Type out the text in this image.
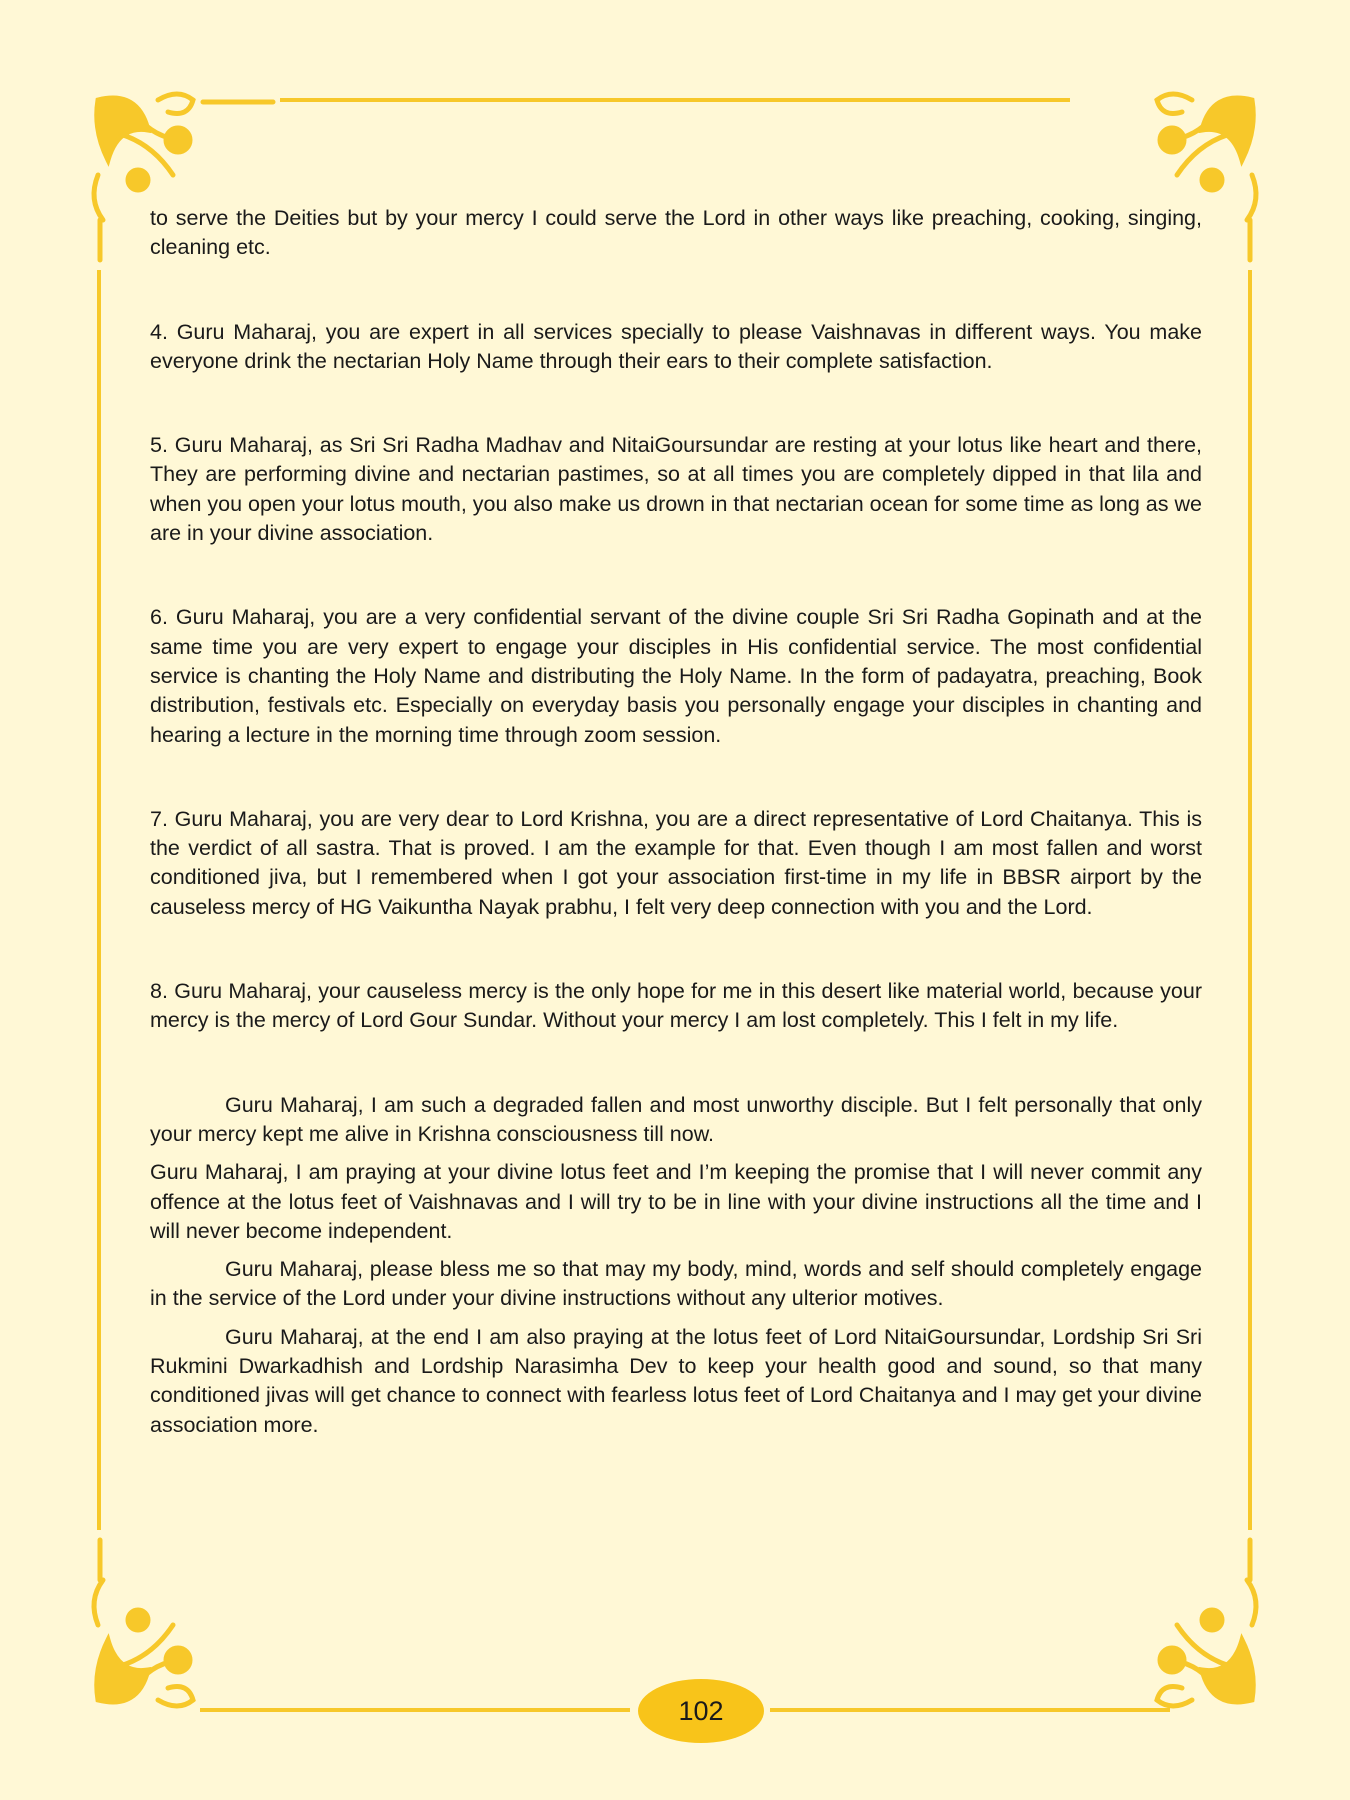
to serve the Deities but by your mercy I could serve the Lord in other ways like preaching, cooking, singing, cleaning etc.

4. Guru Maharaj, you are expert in all services specially to please Vaishnavas in different ways. You make everyone drink the nectarian Holy Name through their ears to their complete satisfaction.

5. Guru Maharaj, as Sri Sri Radha Madhav and NitaiGoursundar are resting at your lotus like heart and there, They are performing divine and nectarian pastimes, so at all times you are completely dipped in that lila and when you open your lotus mouth, you also make us drown in that nectarian ocean for some time as long as we are in your divine association.

6. Guru Maharaj, you are a very confidential servant of the divine couple Sri Sri Radha Gopinath and at the same time you are very expert to engage your disciples in His confidential service. The most confidential service is chanting the Holy Name and distributing the Holy Name. In the form of padayatra, preaching, Book distribution, festivals etc. Especially on everyday basis you personally engage your disciples in chanting and hearing a lecture in the morning time through zoom session.

7. Guru Maharaj, you are very dear to Lord Krishna, you are a direct representative of Lord Chaitanya. This is the verdict of all sastra. That is proved. I am the example for that. Even though I am most fallen and worst conditioned jiva, but I remembered when I got your association first-time in my life in BBSR airport by the causeless mercy of HG Vaikuntha Nayak prabhu, I felt very deep connection with you and the Lord.

8. Guru Maharaj, your causeless mercy is the only hope for me in this desert like material world, because your mercy is the mercy of Lord Gour Sundar. Without your mercy I am lost completely. This I felt in my life.

Guru Maharaj, I am such a degraded fallen and most unworthy disciple. But I felt personally that only your mercy kept me alive in Krishna consciousness till now.

Guru Maharaj, I am praying at your divine lotus feet and I’m keeping the promise that I will never commit any offence at the lotus feet of Vaishnavas and I will try to be in line with your divine instructions all the time and I will never become independent.

Guru Maharaj, please bless me so that may my body, mind, words and self should completely engage in the service of the Lord under your divine instructions without any ulterior motives.

Guru Maharaj, at the end I am also praying at the lotus feet of Lord NitaiGoursundar, Lordship Sri Sri Rukmini Dwarkadhish and Lordship Narasimha Dev to keep your health good and sound, so that many conditioned jivas will get chance to connect with fearless lotus feet of Lord Chaitanya and I may get your divine association more.

102
